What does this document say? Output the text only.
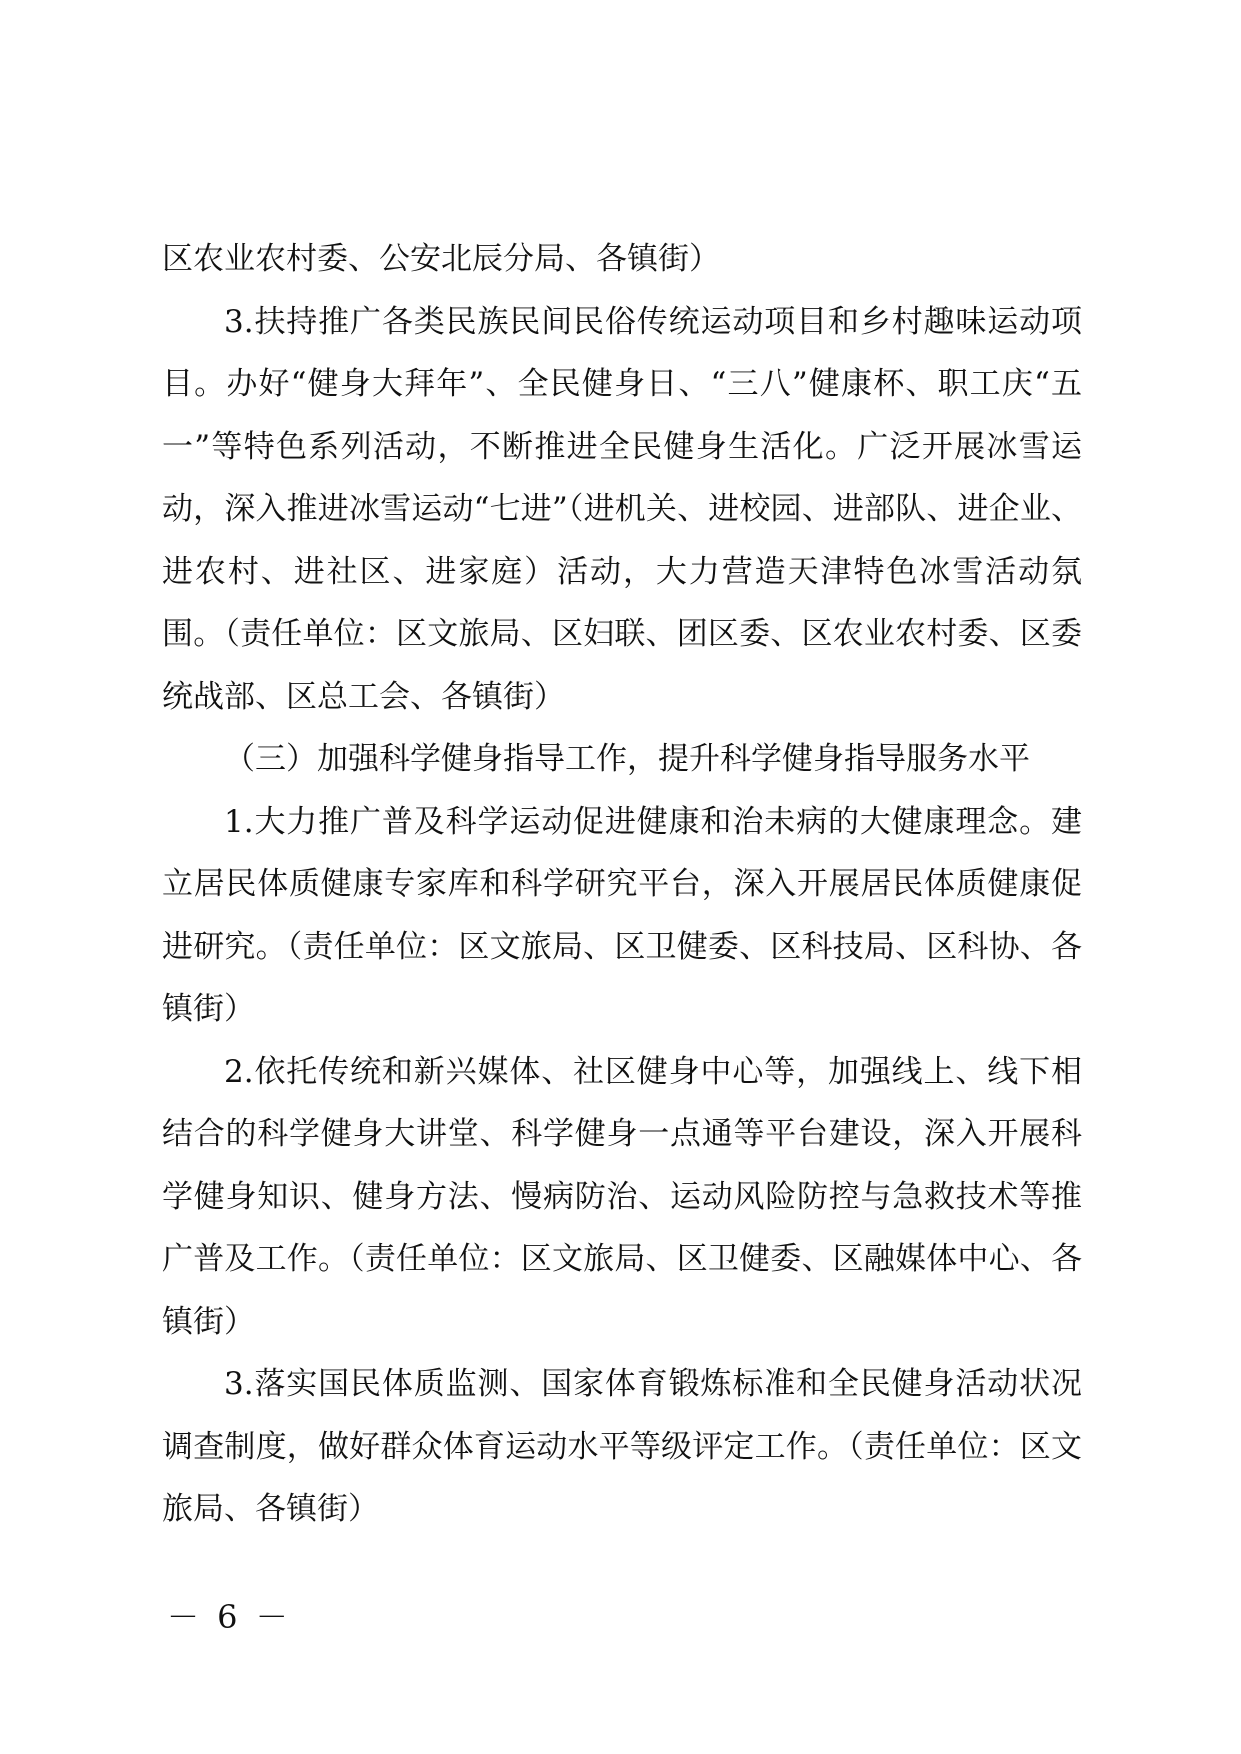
区农业农村委、公安北辰分局、各镇街）

3.扶持推广各类民族民间民俗传统运动项目和乡村趣味运动项目。办好“健身大拜年”、全民健身日、“三八”健康杯、职工庆“五一”等特色系列活动，不断推进全民健身生活化。广泛开展冰雪运动，深入推进冰雪运动“七进”（进机关、进校园、进部队、进企业、进农村、进社区、进家庭）活动，大力营造天津特色冰雪活动氛围。（责任单位：区文旅局、区妇联、团区委、区农业农村委、区委统战部、区总工会、各镇街）

（三）加强科学健身指导工作，提升科学健身指导服务水平

1.大力推广普及科学运动促进健康和治未病的大健康理念。建立居民体质健康专家库和科学研究平台，深入开展居民体质健康促进研究。（责任单位：区文旅局、区卫健委、区科技局、区科协、各镇街）

2.依托传统和新兴媒体、社区健身中心等，加强线上、线下相结合的科学健身大讲堂、科学健身一点通等平台建设，深入开展科学健身知识、健身方法、慢病防治、运动风险防控与急救技术等推广普及工作。（责任单位：区文旅局、区卫健委、区融媒体中心、各镇街）

3.落实国民体质监测、国家体育锻炼标准和全民健身活动状况调查制度，做好群众体育运动水平等级评定工作。（责任单位：区文旅局、各镇街）

－ 6 －
